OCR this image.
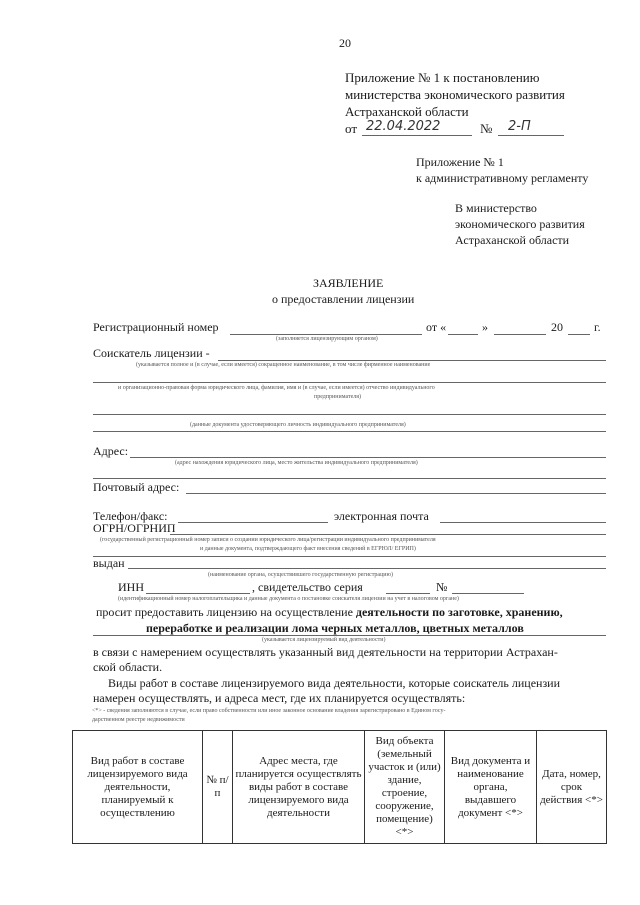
20
Приложение № 1 к постановлению
министерства экономического развития
Астраханской области
от 22.04.2022	№ 2-П
Приложение № 1
к административному регламенту
В министерство
экономического развития
Астраханской области
ЗАЯВЛЕНИЕ
о предоставлении лицензии
Регистрационный номер	от «	»	20	г.
(заполняется лицензирующим органом)
Соискатель лицензии -
(указывается полное и (в случае, если имеется) сокращенное наименование, в том числе фирменное наименование
и организационно-правовая форма юридического лица, фамилия, имя и (в случае, если имеется) отчество индивидуального
предпринимателя)
(данные документа удостоверяющего личность индивидуального предпринимателя)
Адрес:
(адрес нахождения юридического лица, место жительства индивидуального предпринимателя)
Почтовый адрес:
Телефон/факс:	электронная почта
ОГРН/ОГРНИП
(государственный регистрационный номер записи о создании юридического лица/регистрации индивидуального предпринимателя
и данные документа, подтверждающего факт внесения сведений в ЕГРЮЛ/ ЕГРИП)
выдан
(наименование органа, осуществившего государственную регистрацию)
ИНН	, свидетельство серия	№
(идентификационный номер налогоплательщика и данные документа о постановке соискателя лицензии на учет в налоговом органе)
просит предоставить лицензию на осуществление деятельности по заготовке, хранению,
переработке и реализации лома черных металлов, цветных металлов
(указывается лицензируемый вид деятельности)
в связи с намерением осуществлять указанный вид деятельности на территории Астрахан-
ской области.
Виды работ в составе лицензируемого вида деятельности, которые соискатель лицензии
намерен осуществлять, и адреса мест, где их планируется осуществлять:
<*> - сведения заполняются в случае, если право собственности или иное законное основание владения зарегистрировано в Едином госу-
дарственном реестре недвижимости
Вид работ в составе лицензируемого вида деятельности, планируемый к осуществлению	№ п/п	Адрес места, где планируется осуществлять виды работ в составе лицензируемого вида деятельности	Вид объекта (земельный участок и (или) здание, строение, сооружение, помещение) <*>	Вид документа и наименование органа, выдавшего документ <*>	Дата, номер, срок действия <*>
